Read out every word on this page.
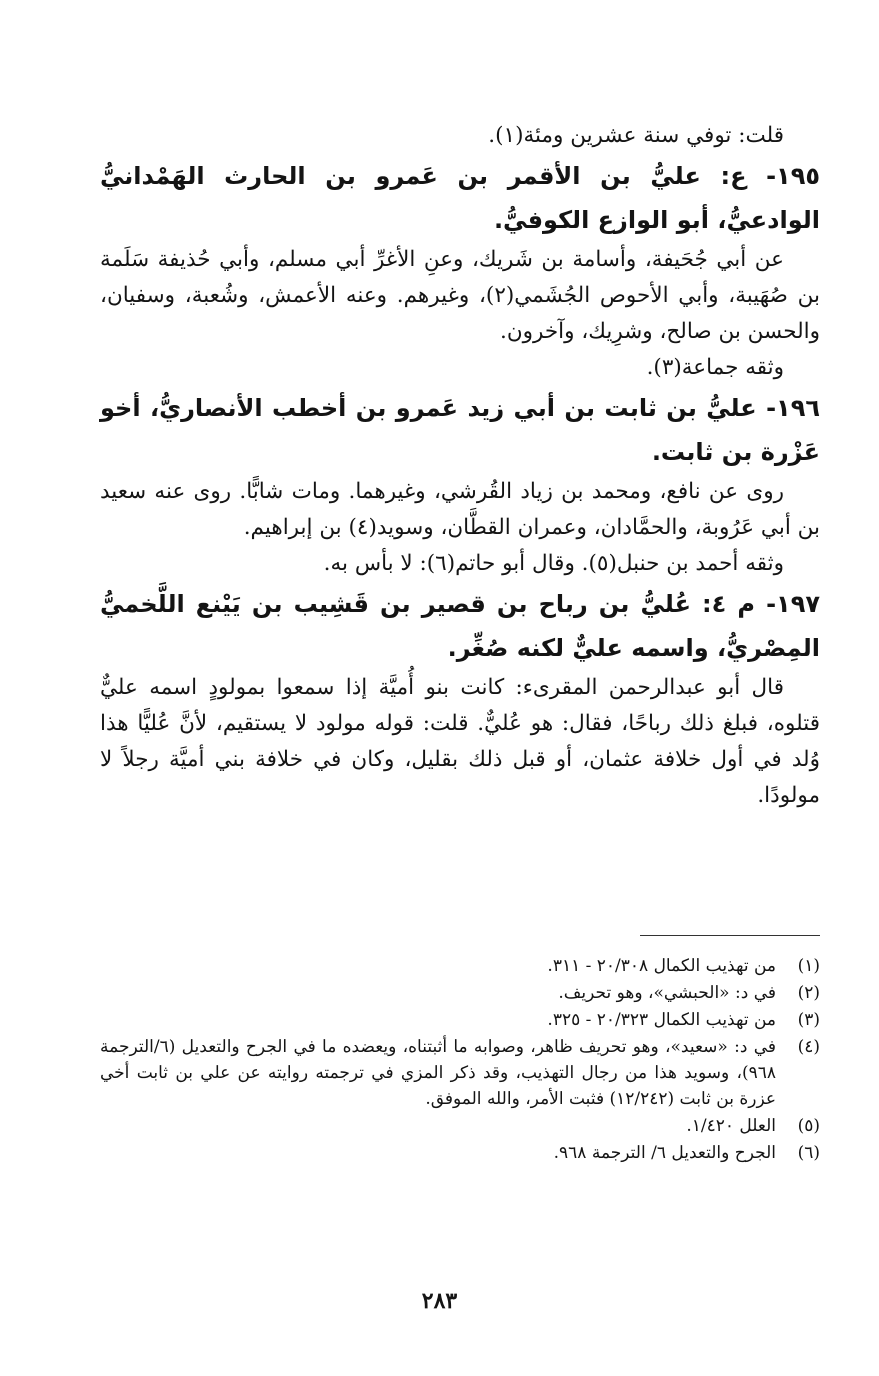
قلت: توفي سنة عشرين ومئة(١).

١٩٥- ع: عليُّ بن الأقمر بن عَمرو بن الحارث الهَمْدانيُّ الوادعيُّ، أبو الوازع الكوفيُّ.

عن أبي جُحَيفة، وأسامة بن شَريك، وعنِ الأغرِّ أبي مسلم، وأبي حُذيفة سَلَمة بن صُهَيبة، وأبي الأحوص الجُشَمي(٢)، وغيرهم. وعنه الأعمش، وشُعبة، وسفيان، والحسن بن صالح، وشرِيك، وآخرون.

وثقه جماعة(٣).

١٩٦- عليُّ بن ثابت بن أبي زيد عَمرو بن أخطب الأنصاريُّ، أخو عَزْرة بن ثابت.

روى عن نافع، ومحمد بن زياد القُرشي، وغيرهما. ومات شابًّا. روى عنه سعيد بن أبي عَرُوبة، والحمَّادان، وعمران القطَّان، وسويد(٤) بن إبراهيم.

وثقه أحمد بن حنبل(٥). وقال أبو حاتم(٦): لا بأس به.

١٩٧- م ٤: عُليُّ بن رباح بن قصير بن قَشِيب بن يَيْنع اللَّخميُّ المِصْريُّ، واسمه عليٌّ لكنه صُغِّر.

قال أبو عبدالرحمن المقرىء: كانت بنو أُميَّة إذا سمعوا بمولودٍ اسمه عليٌّ قتلوه، فبلغ ذلك رباحًا، فقال: هو عُليٌّ. قلت: قوله مولود لا يستقيم، لأنَّ عُليًّا هذا وُلد في أول خلافة عثمان، أو قبل ذلك بقليل، وكان في خلافة بني أميَّة رجلاً لا مولودًا.

(١)
من تهذيب الكمال ٢٠/٣٠٨ - ٣١١.
(٢)
في د: «الحبشي»، وهو تحريف.
(٣)
من تهذيب الكمال ٢٠/٣٢٣ - ٣٢٥.
(٤)
في د: «سعيد»، وهو تحريف ظاهر، وصوابه ما أثبتناه، ويعضده ما في الجرح والتعديل (٦/الترجمة ٩٦٨)، وسويد هذا من رجال التهذيب، وقد ذكر المزي في ترجمته روايته عن علي بن ثابت أخي عزرة بن ثابت (١٢/٢٤٢) فثبت الأمر، والله الموفق.
(٥)
العلل ١/٤٢٠.
(٦)
الجرح والتعديل ٦/ الترجمة ٩٦٨.
٢٨٣
